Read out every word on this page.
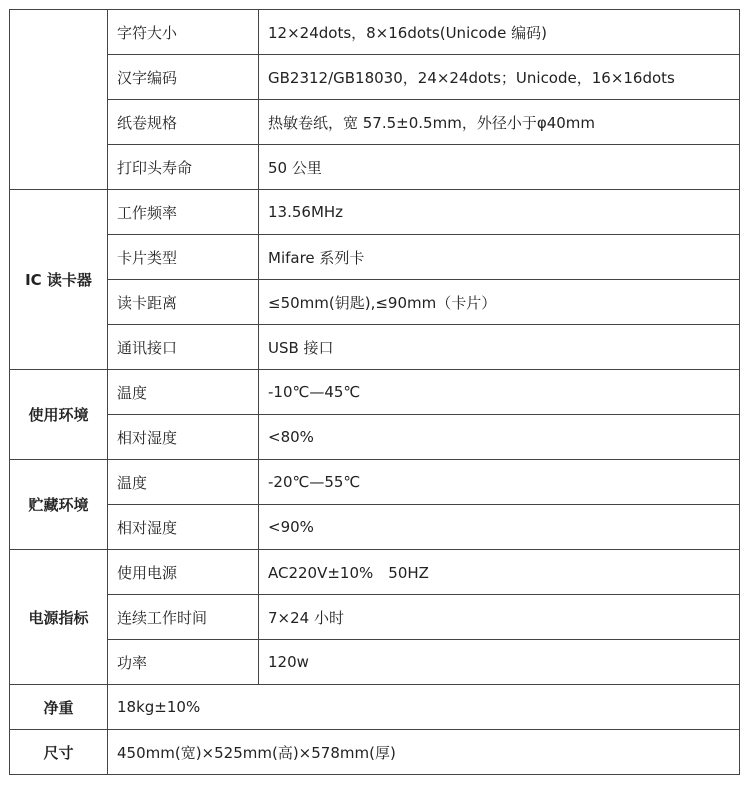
	字符大小	12×24dots，8×16dots(Unicode 编码)
	汉字编码	GB2312/GB18030，24×24dots；Unicode，16×16dots
	纸卷规格	热敏卷纸，宽 57.5±0.5mm，外径小于φ40mm
	打印头寿命	50 公里
IC 读卡器	工作频率	13.56MHz
	卡片类型	Mifare 系列卡
	读卡距离	≤50mm(钥匙),≤90mm（卡片）
	通讯接口	USB 接口
使用环境	温度	-10℃—45℃
	相对湿度	<80%
贮藏环境	温度	-20℃—55℃
	相对湿度	<90%
电源指标	使用电源	AC220V±10%　50HZ
	连续工作时间	7×24 小时
	功率	120w
净重	18kg±10%	
尺寸	450mm(宽)×525mm(高)×578mm(厚)	
